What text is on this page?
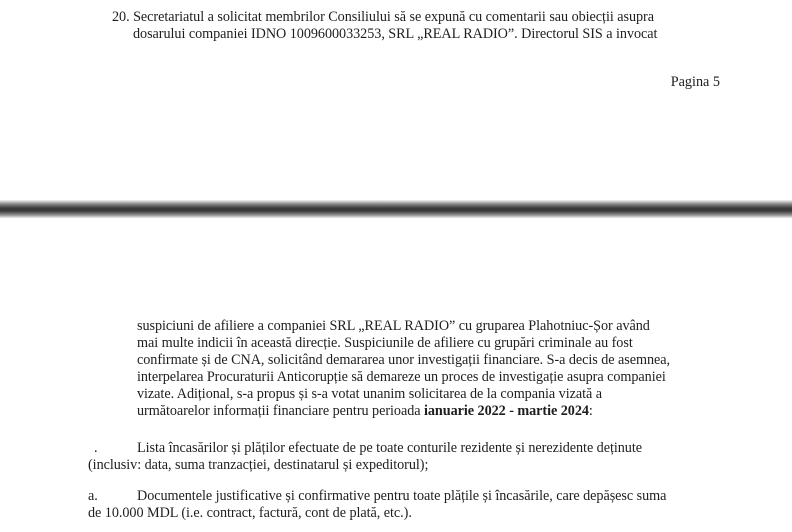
20. Secretariatul a solicitat membrilor Consiliului să se expună cu comentarii sau obiecții asupra
dosarului companiei IDNO 1009600033253, SRL „REAL RADIO”. Directorul SIS a invocat
Pagina 5
suspiciuni de afiliere a companiei SRL „REAL RADIO” cu gruparea Plahotniuc-Șor având
mai multe indicii în această direcție. Suspiciunile de afiliere cu grupări criminale au fost
confirmate și de CNA, solicitând demararea unor investigații financiare. S-a decis de asemnea,
interpelarea Procuraturii Anticorupție să demareze un proces de investigație asupra companiei
vizate. Adițional, s-a propus și s-a votat unanim solicitarea de la compania vizată a
următoarelor informații financiare pentru perioada ianuarie 2022 - martie 2024:
.	Lista încasărilor și plăților efectuate de pe toate conturile rezidente și nerezidente deținute
(inclusiv: data, suma tranzacției, destinatarul și expeditorul);
a.	Documentele justificative și confirmative pentru toate plățile și încasările, care depășesc suma
de 10.000 MDL (i.e. contract, factură, cont de plată, etc.).
